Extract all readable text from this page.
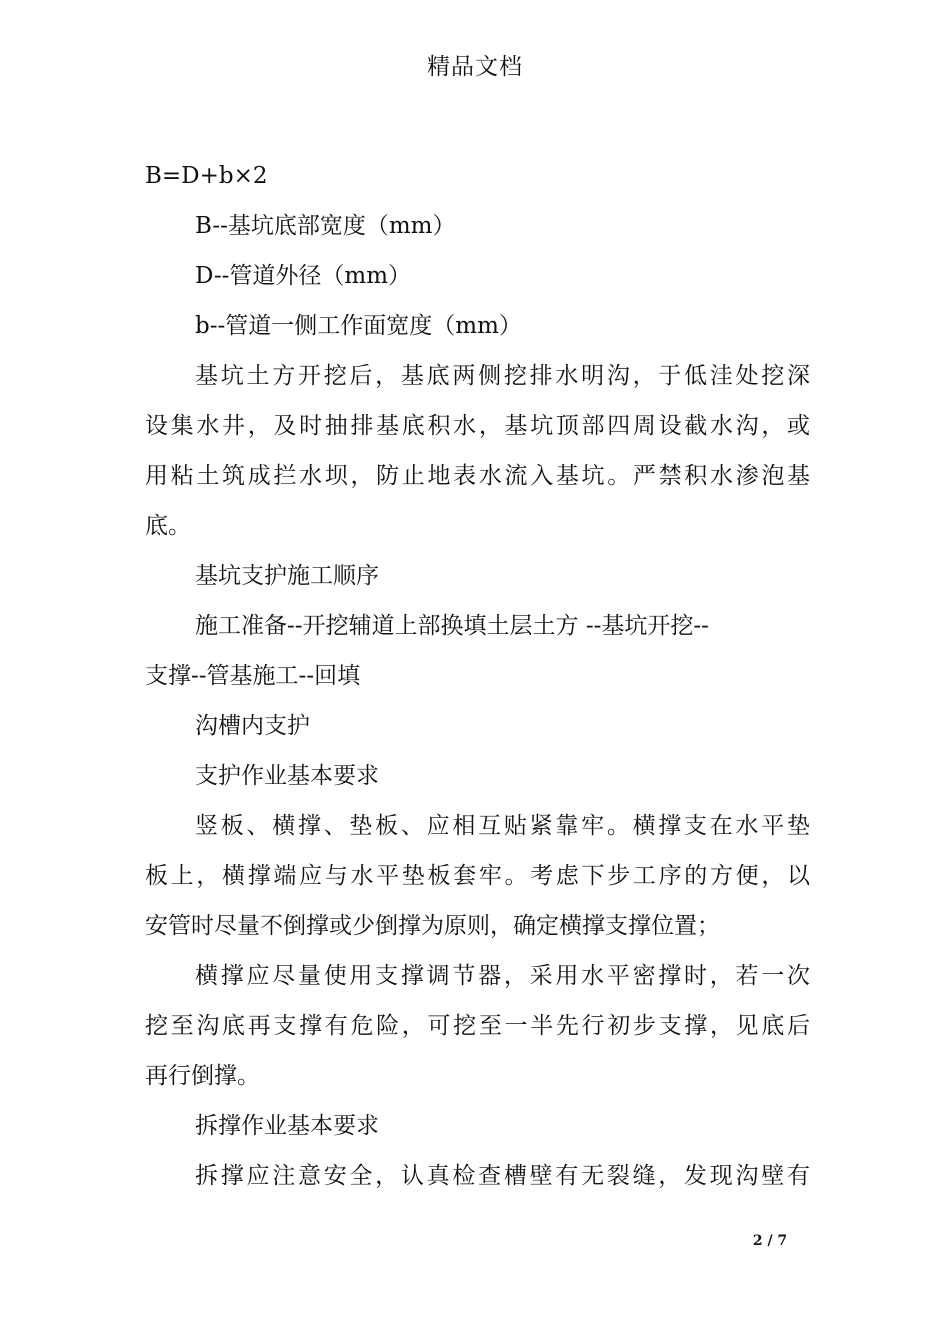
精品文档
B=D+b×2
B--基坑底部宽度（mm）
D--管道外径（mm）
b--管道一侧工作面宽度（mm）
基坑土方开挖后，基底两侧挖排水明沟，于低洼处挖深
设集水井，及时抽排基底积水，基坑顶部四周设截水沟，或
用粘土筑成拦水坝，防止地表水流入基坑。严禁积水渗泡基
底。
基坑支护施工顺序
施工准备--开挖辅道上部换填土层土方 --基坑开挖--
支撑--管基施工--回填
沟槽内支护
支护作业基本要求
竖板、横撑、垫板、应相互贴紧靠牢。横撑支在水平垫
板上，横撑端应与水平垫板套牢。考虑下步工序的方便，以
安管时尽量不倒撑或少倒撑为原则，确定横撑支撑位置；
横撑应尽量使用支撑调节器，采用水平密撑时，若一次
挖至沟底再支撑有危险，可挖至一半先行初步支撑，见底后
再行倒撑。
拆撑作业基本要求
拆撑应注意安全，认真检查槽壁有无裂缝，发现沟壁有
2 / 7
